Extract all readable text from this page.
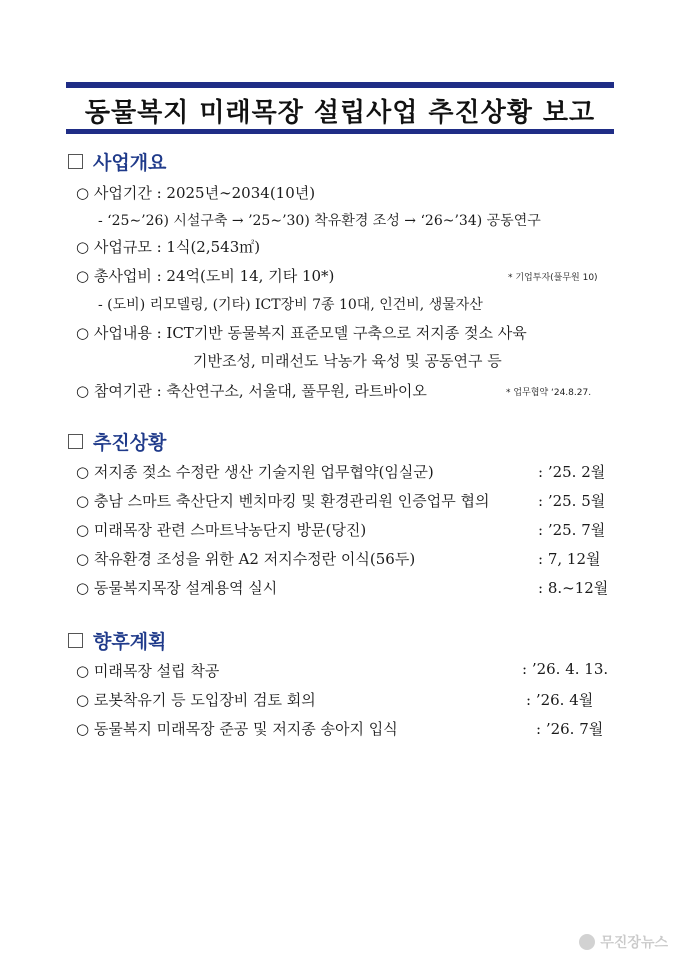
동물복지 미래목장 설립사업 추진상황 보고
사업개요
○ 사업기간 : 2025년∼2034(10년)
- ‘25∼’26) 시설구축 → ’25∼’30) 착유환경 조성 → ‘26~’34) 공동연구
○ 사업규모 : 1식(2,543㎡)
○ 총사업비 : 24억(도비 14, 기타 10*)	* 기업투자(풀무원 10)
- (도비) 리모델링, (기타) ICT장비 7종 10대, 인건비, 생물자산
○ 사업내용 : ICT기반 동물복지 표준모델 구축으로 저지종 젖소 사육
기반조성, 미래선도 낙농가 육성 및 공동연구 등
○ 참여기관 : 축산연구소, 서울대, 풀무원, 라트바이오	* 업무협약 ‘24.8.27.
추진상황
○ 저지종 젖소 수정란 생산 기술지원 업무협약(임실군)	: ’25. 2월
○ 충남 스마트 축산단지 벤치마킹 및 환경관리원 인증업무 협의	: ’25. 5월
○ 미래목장 관련 스마트낙농단지 방문(당진)	: ’25. 7월
○ 착유환경 조성을 위한 A2 저지수정란 이식(56두)	: 7, 12월
○ 동물복지목장 설계용역 실시	: 8.~12월
향후계획
○ 미래목장 설립 착공	: ’26. 4. 13.
○ 로봇착유기 등 도입장비 검토 회의	: ’26. 4월
○ 동물복지 미래목장 준공 및 저지종 송아지 입식	: ’26. 7월
무진장뉴스
